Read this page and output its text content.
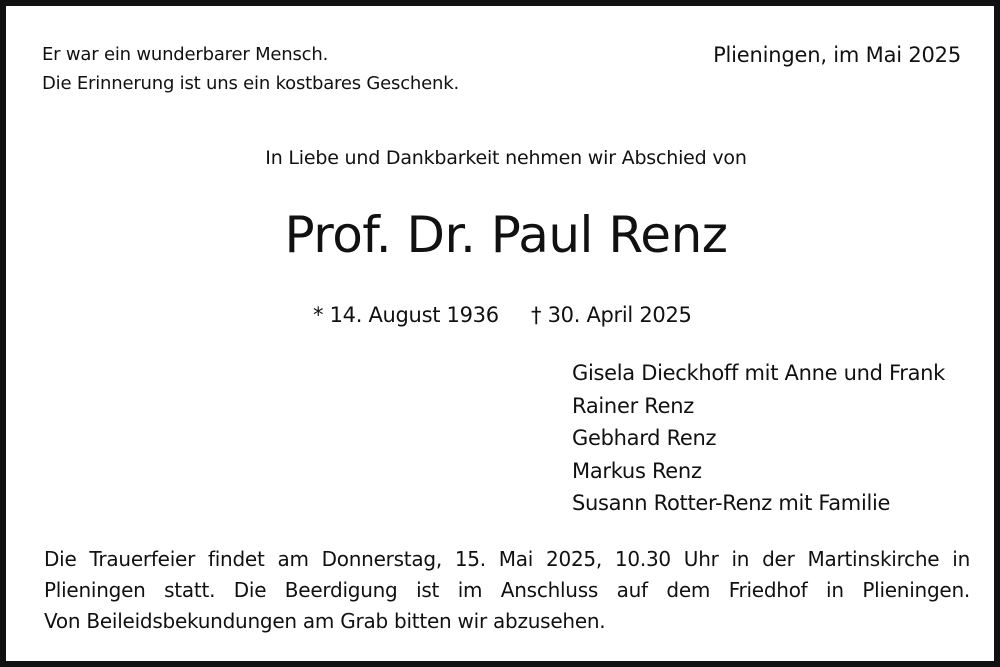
Er war ein wunderbarer Mensch.
Die Erinnerung ist uns ein kostbares Geschenk.
Plieningen, im Mai 2025
In Liebe und Dankbarkeit nehmen wir Abschied von
Prof. Dr. Paul Renz
* 14. August 1936 † 30. April 2025
Gisela Dieckhoff mit Anne und Frank
Rainer Renz
Gebhard Renz
Markus Renz
Susann Rotter-Renz mit Familie
Die Trauerfeier findet am Donnerstag, 15. Mai 2025, 10.30 Uhr in der Martinskirche in
Plieningen statt. Die Beerdigung ist im Anschluss auf dem Friedhof in Plieningen.
Von Beileidsbekundungen am Grab bitten wir abzusehen.
